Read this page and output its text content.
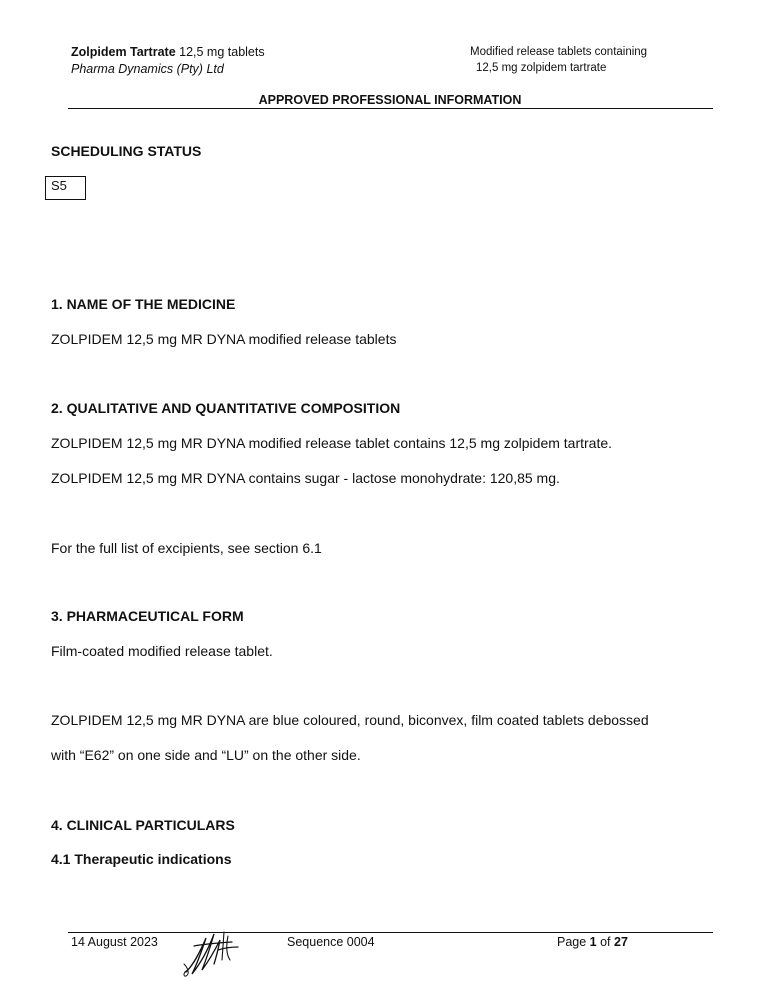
Zolpidem Tartrate 12,5 mg tablets
Pharma Dynamics (Pty) Ltd
Modified release tablets containing
12,5 mg zolpidem tartrate
APPROVED PROFESSIONAL INFORMATION
SCHEDULING STATUS
S5
1. NAME OF THE MEDICINE
ZOLPIDEM 12,5 mg MR DYNA modified release tablets
2. QUALITATIVE AND QUANTITATIVE COMPOSITION
ZOLPIDEM 12,5 mg MR DYNA modified release tablet contains 12,5 mg zolpidem tartrate.
ZOLPIDEM 12,5 mg MR DYNA contains sugar - lactose monohydrate: 120,85 mg.
For the full list of excipients, see section 6.1
3. PHARMACEUTICAL FORM
Film-coated modified release tablet.
ZOLPIDEM 12,5 mg MR DYNA are blue coloured, round, biconvex, film coated tablets debossed
with “E62” on one side and “LU” on the other side.
4. CLINICAL PARTICULARS
4.1 Therapeutic indications
14 August 2023	Sequence 0004	Page 1 of 27
